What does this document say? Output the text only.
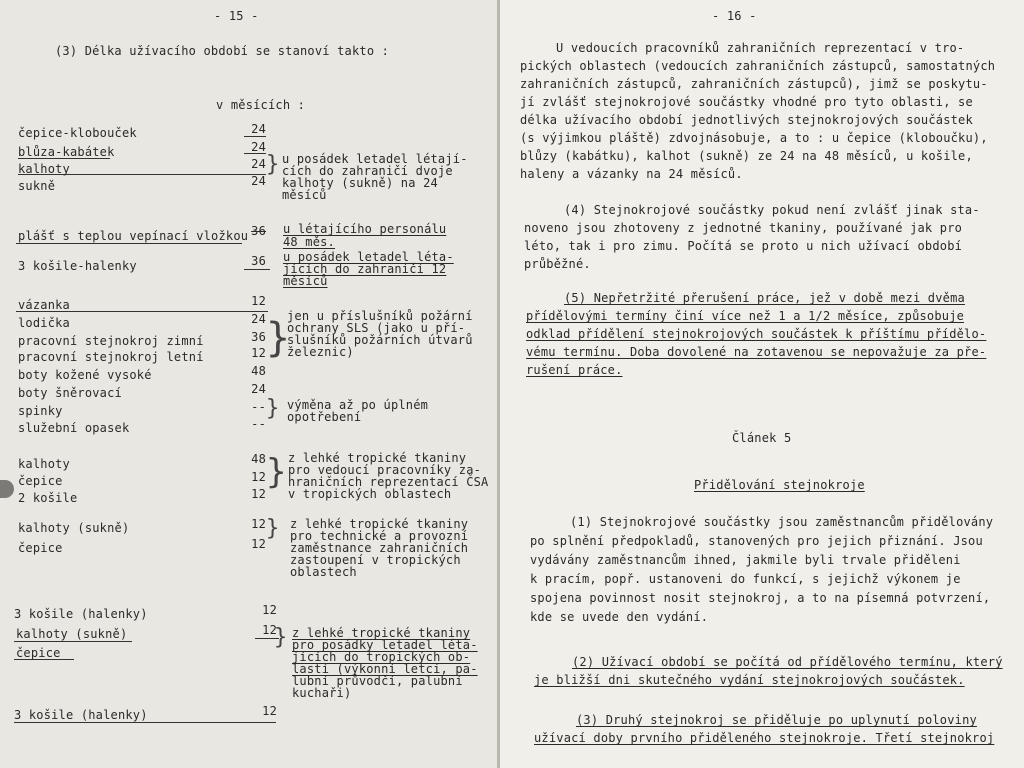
- 15 -
(3) Délka užívacího období se stanoví takto :
v měsících :
čepice-klobouček	24
blůza-kabátek	24
kalhoty	24
sukně	24
}
plášť s teplou vepínací vložkou 36
3 košile-halenky	36
vázanka	12
lodička	24
pracovní stejnokroj zimní	36
pracovní stejnokroj letní	12
boty kožené vysoké	48
boty šněrovací	24
}
spinky	--
služební opasek	--
}
kalhoty	48
čepice	12
2 košile	12
}
kalhoty (sukně)	12
čepice	12
}
3 košile (halenky)	12
kalhoty (sukně)	12
čepice
}
3 košile (halenky)	12
u posádek letadel létají-
cích do zahraničí dvoje
kalhoty (sukně) na 24
měsíců
u létajícího personálu
48 měs.
u posádek letadel léta-
jících do zahraničí 12
měsíců
jen u příslušníků požární
ochrany SLS (jako u pří-
slušníků požárních útvarů
železnic)
výměna až po úplném
opotřebení
z lehké tropické tkaniny
pro vedoucí pracovníky za-
hraničních reprezentací ČSA
v tropických oblastech
z lehké tropické tkaniny
pro technické a provozní
zaměstnance zahraničních
zastoupení v tropických
oblastech
z lehké tropické tkaniny
pro posádky letadel léta-
jících do tropických ob-
lastí (výkonní letci, pa-
lubní průvodčí, palubní
kuchaři)
- 16 -
U vedoucích pracovníků zahraničních reprezentací v tro-
pických oblastech (vedoucích zahraničních zástupců, samostatných
zahraničních zástupců, zahraničních zástupců), jimž se poskytu-
jí zvlášť stejnokrojové součástky vhodné pro tyto oblasti, se
délka užívacího období jednotlivých stejnokrojových součástek
(s výjimkou pláště) zdvojnásobuje, a to : u čepice (kloboučku),
blůzy (kabátku), kalhot (sukně) ze 24 na 48 měsíců, u košile,
haleny a vázanky na 24 měsíců.
(4) Stejnokrojové součástky pokud není zvlášť jinak sta-
noveno jsou zhotoveny z jednotné tkaniny, používané jak pro
léto, tak i pro zimu. Počítá se proto u nich užívací období
průběžné.
(5) Nepřetržité přerušení práce, jež v době mezi dvěma
přídělovými termíny činí více než 1 a 1/2 měsíce, způsobuje
odklad přídělení stejnokrojových součástek k příštímu přídělo-
vému termínu. Doba dovolené na zotavenou se nepovažuje za pře-
rušení práce.
Článek 5
Přidělování stejnokroje
(1) Stejnokrojové součástky jsou zaměstnancům přidělovány
po splnění předpokladů, stanovených pro jejich přiznání. Jsou
vydávány zaměstnancům ihned, jakmile byli trvale přiděleni
k pracím, popř. ustanoveni do funkcí, s jejichž výkonem je
spojena povinnost nosit stejnokroj, a to na písemná potvrzení,
kde se uvede den vydání.
(2) Užívací období se počítá od přídělového termínu, který
je bližší dni skutečného vydání stejnokrojových součástek.
(3) Druhý stejnokroj se přiděluje po uplynutí poloviny
užívací doby prvního přiděleného stejnokroje. Třetí stejnokroj
